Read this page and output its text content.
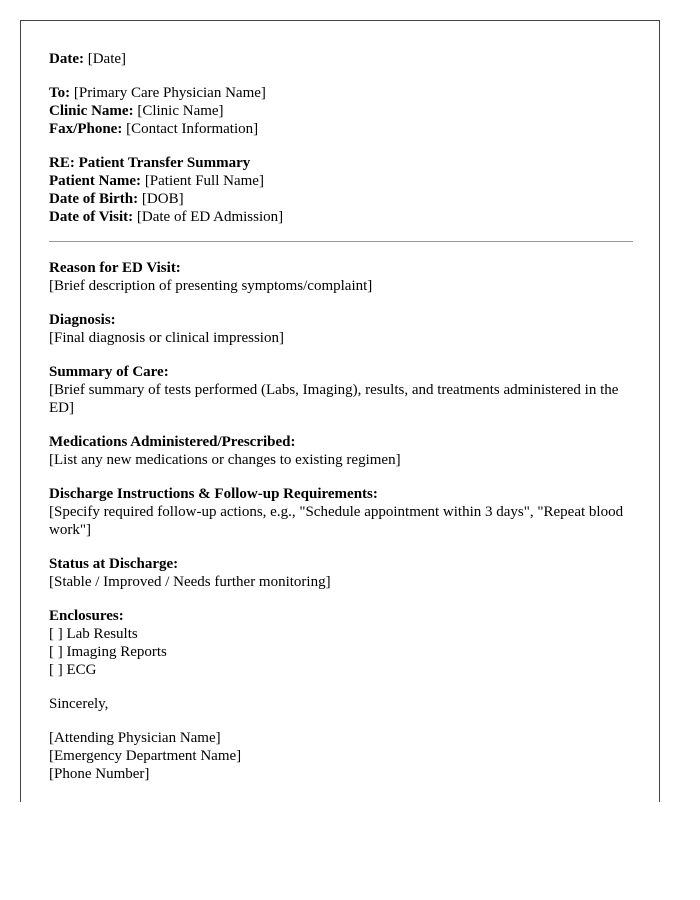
Date: [Date]
To: [Primary Care Physician Name]
Clinic Name: [Clinic Name]
Fax/Phone: [Contact Information]
RE: Patient Transfer Summary
Patient Name: [Patient Full Name]
Date of Birth: [DOB]
Date of Visit: [Date of ED Admission]
Reason for ED Visit:
[Brief description of presenting symptoms/complaint]
Diagnosis:
[Final diagnosis or clinical impression]
Summary of Care:
[Brief summary of tests performed (Labs, Imaging), results, and treatments administered in the ED]
Medications Administered/Prescribed:
[List any new medications or changes to existing regimen]
Discharge Instructions & Follow-up Requirements:
[Specify required follow-up actions, e.g., "Schedule appointment within 3 days", "Repeat blood work"]
Status at Discharge:
[Stable / Improved / Needs further monitoring]
Enclosures:
[ ] Lab Results
[ ] Imaging Reports
[ ] ECG
Sincerely,
[Attending Physician Name]
[Emergency Department Name]
[Phone Number]
